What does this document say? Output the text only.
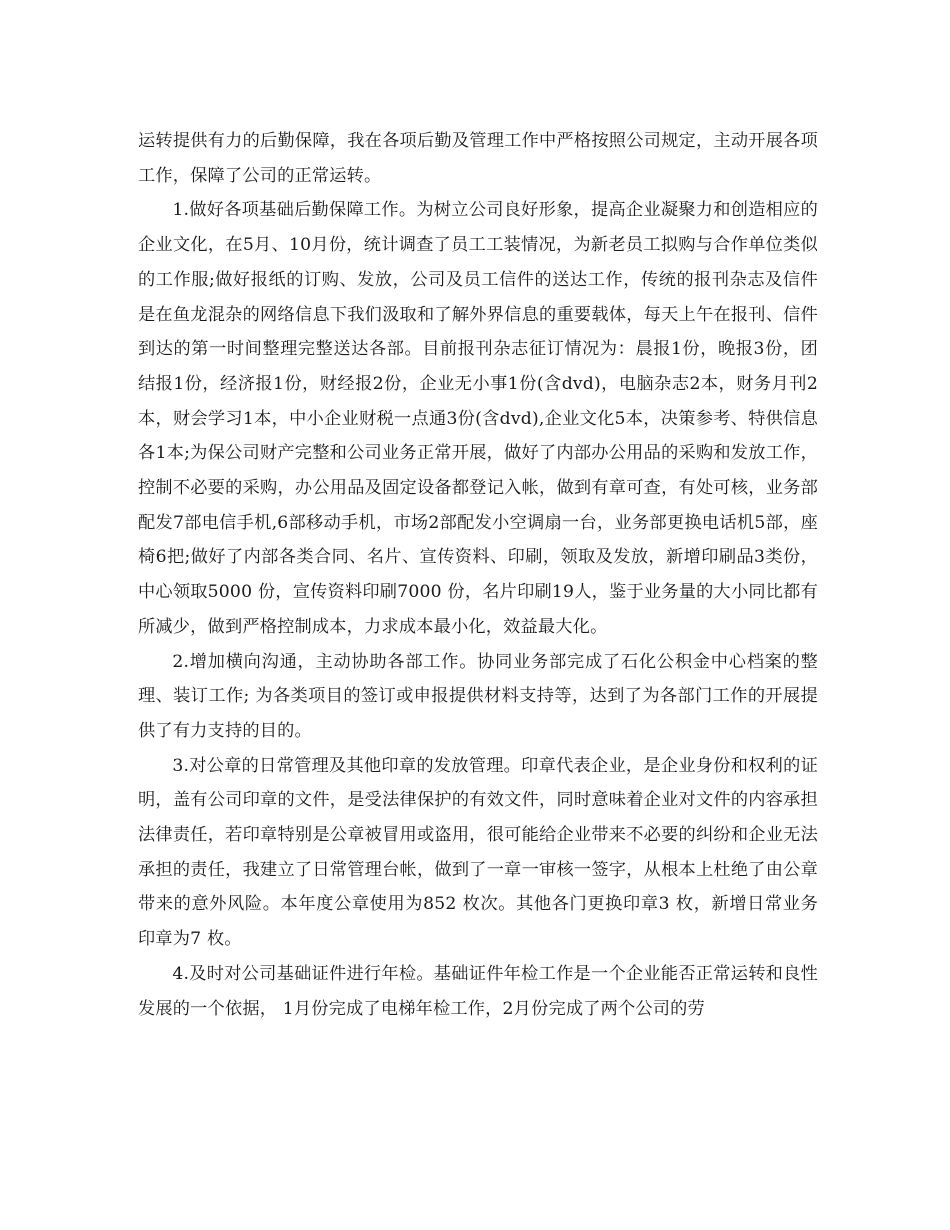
运转提供有力的后勤保障，我在各项后勤及管理工作中严格按照公司规定，主动开展各项工作，保障了公司的正常运转。

1.做好各项基础后勤保障工作。为树立公司良好形象，提高企业凝聚力和创造相应的企业文化，在5月、10月份，统计调查了员工工装情况，为新老员工拟购与合作单位类似的工作服;做好报纸的订购、发放，公司及员工信件的送达工作，传统的报刊杂志及信件是在鱼龙混杂的网络信息下我们汲取和了解外界信息的重要载体，每天上午在报刊、信件到达的第一时间整理完整送达各部。目前报刊杂志征订情况为：晨报1份，晚报3份，团结报1份，经济报1份，财经报2份，企业无小事1份(含dvd)，电脑杂志2本，财务月刊2本，财会学习1本，中小企业财税一点通3份(含dvd),企业文化5本，决策参考、特供信息各1本;为保公司财产完整和公司业务正常开展，做好了内部办公用品的采购和发放工作，控制不必要的采购，办公用品及固定设备都登记入帐，做到有章可查，有处可核，业务部配发7部电信手机,6部移动手机，市场2部配发小空调扇一台，业务部更换电话机5部，座椅6把;做好了内部各类合同、名片、宣传资料、印刷，领取及发放，新增印刷品3类份，中心领取5000 份，宣传资料印刷7000 份，名片印刷19人，鉴于业务量的大小同比都有所减少，做到严格控制成本，力求成本最小化，效益最大化。

2.增加横向沟通，主动协助各部工作。协同业务部完成了石化公积金中心档案的整理、装订工作; 为各类项目的签订或申报提供材料支持等，达到了为各部门工作的开展提供了有力支持的目的。

3.对公章的日常管理及其他印章的发放管理。印章代表企业，是企业身份和权利的证明，盖有公司印章的文件，是受法律保护的有效文件，同时意味着企业对文件的内容承担法律责任，若印章特别是公章被冒用或盗用，很可能给企业带来不必要的纠纷和企业无法承担的责任，我建立了日常管理台帐，做到了一章一审核一签字，从根本上杜绝了由公章带来的意外风险。本年度公章使用为852 枚次。其他各门更换印章3 枚，新增日常业务印章为7 枚。

4.及时对公司基础证件进行年检。基础证件年检工作是一个企业能否正常运转和良性发展的一个依据， 1月份完成了电梯年检工作，2月份完成了两个公司的劳
